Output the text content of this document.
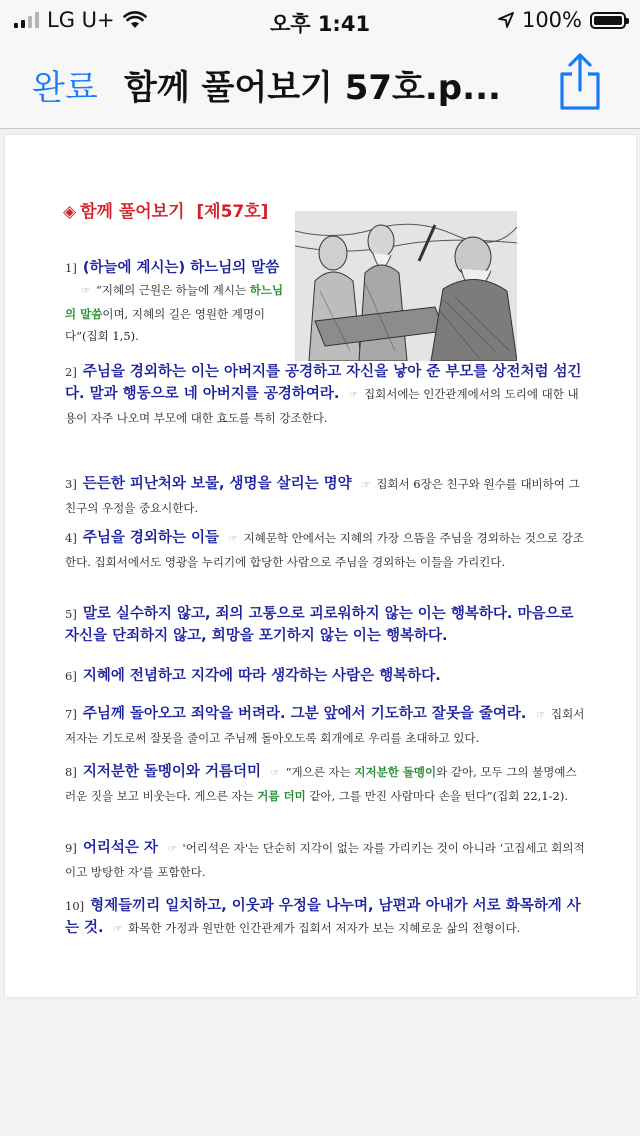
LG U+	오후 1:41	100%
완료 함께 풀어보기 57호.p...
◈ 함께 풀어보기 [제57호]
1] (하늘에 계시는) 하느님의 말씀
☞ “지혜의 근원은 하늘에 계시는 하느님의 말씀이며, 지혜의 길은 영원한 계명이다”(집회 1,5).
2] 주님을 경외하는 이는 아버지를 공경하고 자신을 낳아 준 부모를 상전처럼 섬긴다. 말과 행동으로 네 아버지를 공경하여라. ☞ 집회서에는 인간관계에서의 도리에 대한 내용이 자주 나오며 부모에 대한 효도를 특히 강조한다.
3] 든든한 피난처와 보물, 생명을 살리는 명약 ☞ 집회서 6장은 친구와 원수를 대비하여 그 친구의 우정을 중요시한다.
4] 주님을 경외하는 이들 ☞ 지혜문학 안에서는 지혜의 가장 으뜸을 주님을 경외하는 것으로 강조한다. 집회서에서도 영광을 누리기에 합당한 사람으로 주님을 경외하는 이들을 가리킨다.
5] 말로 실수하지 않고, 죄의 고통으로 괴로워하지 않는 이는 행복하다. 마음으로 자신을 단죄하지 않고, 희망을 포기하지 않는 이는 행복하다.
6] 지혜에 전념하고 지각에 따라 생각하는 사람은 행복하다.
7] 주님께 돌아오고 죄악을 버려라. 그분 앞에서 기도하고 잘못을 줄여라. ☞ 집회서 저자는 기도로써 잘못을 줄이고 주님께 돌아오도록 회개에로 우리를 초대하고 있다.
8] 지저분한 돌멩이와 거름더미 ☞ “게으른 자는 지저분한 돌멩이와 같아, 모두 그의 불명예스러운 짓을 보고 비웃는다. 게으른 자는 거름 더미 같아, 그를 만진 사람마다 손을 턴다”(집회 22,1-2).
9] 어리석은 자 ☞ '어리석은 자'는 단순히 지각이 없는 자를 가리키는 것이 아니라 ‘고집세고 회의적이고 방탕한 자’를 포함한다.
10] 형제들끼리 일치하고, 이웃과 우정을 나누며, 남편과 아내가 서로 화목하게 사는 것. ☞ 화목한 가정과 원만한 인간관계가 집회서 저자가 보는 지혜로운 삶의 전형이다.
